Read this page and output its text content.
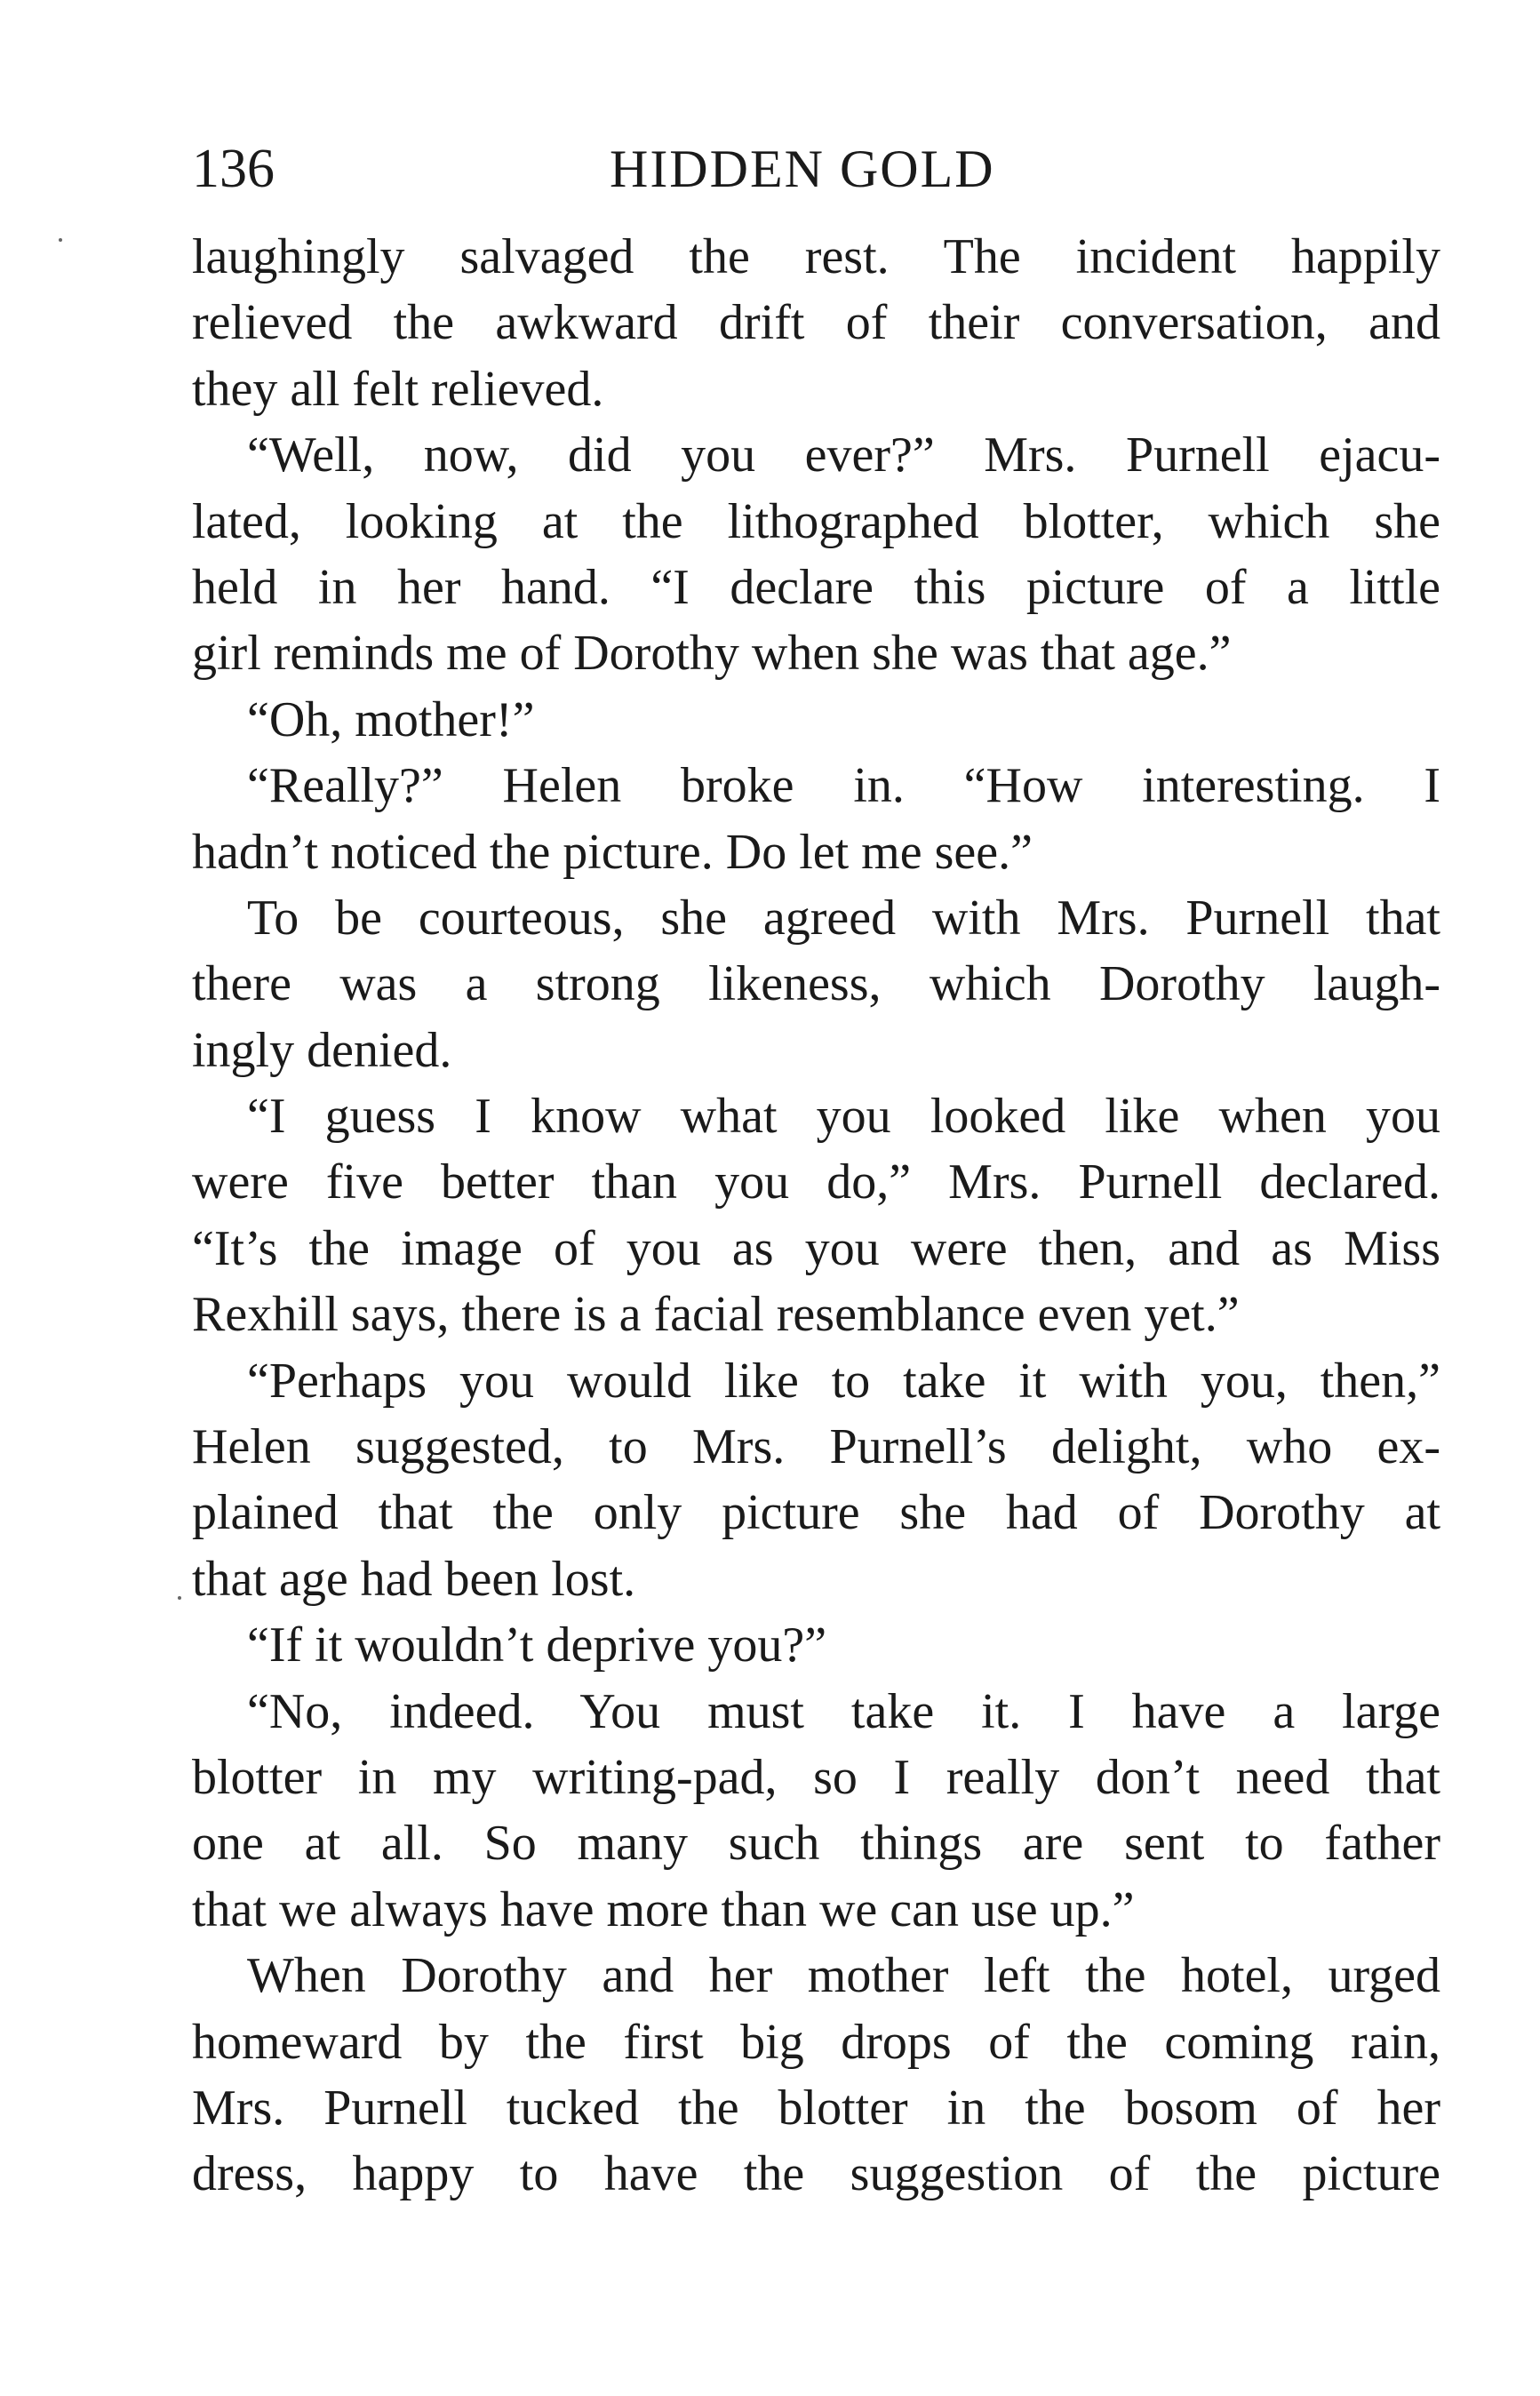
136	HIDDEN GOLD
laughingly salvaged the rest. The incident happily
relieved the awkward drift of their conversation, and
they all felt relieved.
“Well, now, did you ever?” Mrs. Purnell ejacu-
lated, looking at the lithographed blotter, which she
held in her hand. “I declare this picture of a little
girl reminds me of Dorothy when she was that age.”
“Oh, mother!”
“Really?” Helen broke in. “How interesting. I
hadn’t noticed the picture. Do let me see.”
To be courteous, she agreed with Mrs. Purnell that
there was a strong likeness, which Dorothy laugh-
ingly denied.
“I guess I know what you looked like when you
were five better than you do,” Mrs. Purnell declared.
“It’s the image of you as you were then, and as Miss
Rexhill says, there is a facial resemblance even yet.”
“Perhaps you would like to take it with you, then,”
Helen suggested, to Mrs. Purnell’s delight, who ex-
plained that the only picture she had of Dorothy at
that age had been lost.
“If it wouldn’t deprive you?”
“No, indeed. You must take it. I have a large
blotter in my writing-pad, so I really don’t need that
one at all. So many such things are sent to father
that we always have more than we can use up.”
When Dorothy and her mother left the hotel, urged
homeward by the first big drops of the coming rain,
Mrs. Purnell tucked the blotter in the bosom of her
dress, happy to have the suggestion of the picture
